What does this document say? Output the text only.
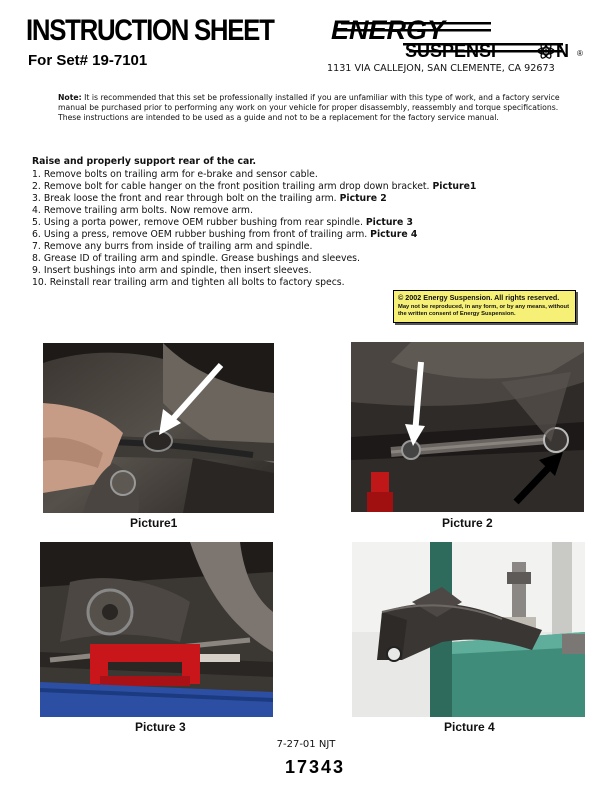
INSTRUCTION SHEET
For Set# 19-7101
ENERGY
SUSPENSI	N ®
1131 VIA CALLEJON, SAN CLEMENTE, CA 92673
Note: It is recommended that this set be professionally installed if you are unfamiliar with this type of work, and a factory service manual be purchased prior to performing any work on your vehicle for proper disassembly, reassembly and torque specifications. These instructions are intended to be used as a guide and not to be a replacement for the factory service manual.
Raise and properly support rear of the car.
1. Remove bolts on trailing arm for e-brake and sensor cable.
2. Remove bolt for cable hanger on the front position trailing arm drop down bracket. Picture1
3. Break loose the front and rear through bolt on the trailing arm. Picture 2
4. Remove trailing arm bolts. Now remove arm.
5. Using a porta power, remove OEM rubber bushing from rear spindle. Picture 3
6. Using a press, remove OEM rubber bushing from front of trailing arm. Picture 4
7. Remove any burrs from inside of trailing arm and spindle.
8. Grease ID of trailing arm and spindle. Grease bushings and sleeves.
9. Insert bushings into arm and spindle, then insert sleeves.
10. Reinstall rear trailing arm and tighten all bolts to factory specs.
© 2002 Energy Suspension. All rights reserved.
May not be reproduced, in any form, or by any means, without the written consent of Energy Suspension.
Picture1	Picture 2
Picture 3	Picture 4
7-27-01 NJT
17343
